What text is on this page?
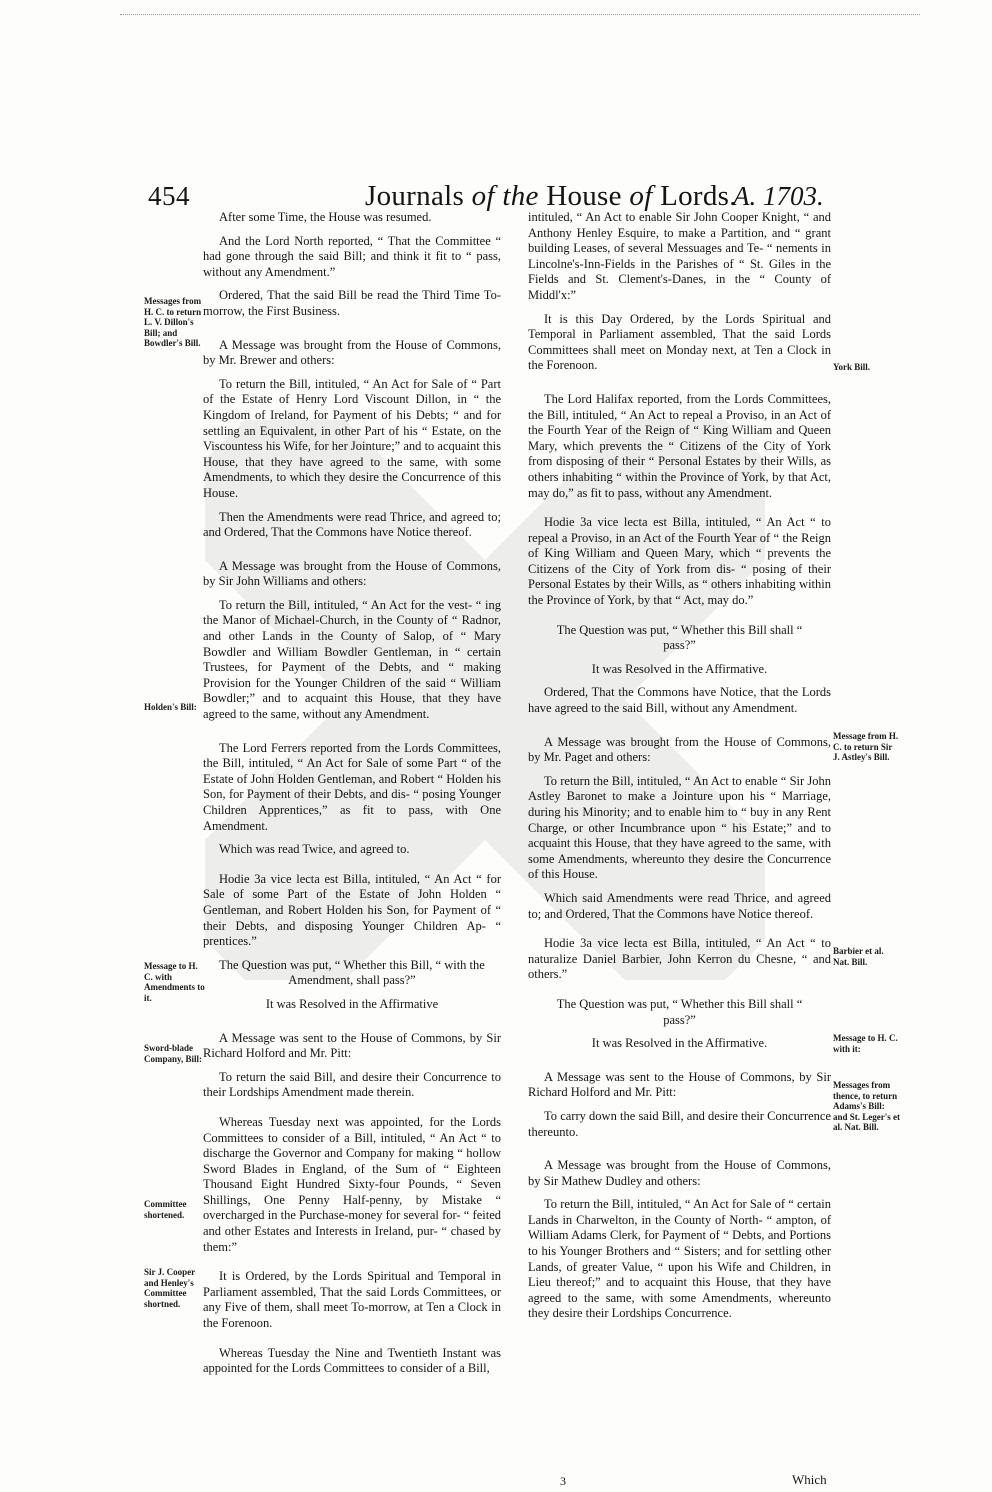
454	Journals of the House of Lords.
A. 1703.
Messages from H. C. to return L. V. Dillon's Bill; and Bowdler's Bill.
Holden's Bill:
Message to H. C. with Amendments to it.
Sword-blade Company, Bill:
Committee shortened.
Sir J. Cooper and Henley's Committee shortned.
York Bill.
Message from H. C. to return Sir J. Astley's Bill.
Barbier et al. Nat. Bill.
Message to H. C. with it:
Messages from thence, to return Adams's Bill: and St. Leger's et al. Nat. Bill.

After some Time, the House was resumed.

And the Lord North reported, “ That the Committee “ had gone through the said Bill; and think it fit to “ pass, without any Amendment.”

Ordered, That the said Bill be read the Third Time To-morrow, the First Business.

A Message was brought from the House of Commons, by Mr. Brewer and others:

To return the Bill, intituled, “ An Act for Sale of “ Part of the Estate of Henry Lord Viscount Dillon, in “ the Kingdom of Ireland, for Payment of his Debts; “ and for settling an Equivalent, in other Part of his “ Estate, on the Viscountess his Wife, for her Jointure;” and to acquaint this House, that they have agreed to the same, with some Amendments, to which they desire the Concurrence of this House.

Then the Amendments were read Thrice, and agreed to; and Ordered, That the Commons have Notice thereof.

A Message was brought from the House of Commons, by Sir John Williams and others:

To return the Bill, intituled, “ An Act for the vest- “ ing the Manor of Michael-Church, in the County of “ Radnor, and other Lands in the County of Salop, of “ Mary Bowdler and William Bowdler Gentleman, in “ certain Trustees, for Payment of the Debts, and “ making Provision for the Younger Children of the said “ William Bowdler;” and to acquaint this House, that they have agreed to the same, without any Amendment.

The Lord Ferrers reported from the Lords Committees, the Bill, intituled, “ An Act for Sale of some Part “ of the Estate of John Holden Gentleman, and Robert “ Holden his Son, for Payment of their Debts, and dis- “ posing Younger Children Apprentices,” as fit to pass, with One Amendment.

Which was read Twice, and agreed to.

Hodie 3a vice lecta est Billa, intituled, “ An Act “ for Sale of some Part of the Estate of John Holden “ Gentleman, and Robert Holden his Son, for Payment of “ their Debts, and disposing Younger Children Ap- “ prentices.”

The Question was put, “ Whether this Bill, “ with the Amendment, shall pass?”

It was Resolved in the Affirmative

A Message was sent to the House of Commons, by Sir Richard Holford and Mr. Pitt:

To return the said Bill, and desire their Concurrence to their Lordships Amendment made therein.

Whereas Tuesday next was appointed, for the Lords Committees to consider of a Bill, intituled, “ An Act “ to discharge the Governor and Company for making “ hollow Sword Blades in England, of the Sum of “ Eighteen Thousand Eight Hundred Sixty-four Pounds, “ Seven Shillings, One Penny Half-penny, by Mistake “ overcharged in the Purchase-money for several for- “ feited and other Estates and Interests in Ireland, pur- “ chased by them:”

It is Ordered, by the Lords Spiritual and Temporal in Parliament assembled, That the said Lords Committees, or any Five of them, shall meet To-morrow, at Ten a Clock in the Forenoon.

Whereas Tuesday the Nine and Twentieth Instant was appointed for the Lords Committees to consider of a Bill,

intituled, “ An Act to enable Sir John Cooper Knight, “ and Anthony Henley Esquire, to make a Partition, and “ grant building Leases, of several Messuages and Te- “ nements in Lincolne's-Inn-Fields in the Parishes of “ St. Giles in the Fields and St. Clement's-Danes, in the “ County of Middl'x:”

It is this Day Ordered, by the Lords Spiritual and Temporal in Parliament assembled, That the said Lords Committees shall meet on Monday next, at Ten a Clock in the Forenoon.

The Lord Halifax reported, from the Lords Committees, the Bill, intituled, “ An Act to repeal a Proviso, in an Act of the Fourth Year of the Reign of “ King William and Queen Mary, which prevents the “ Citizens of the City of York from disposing of their “ Personal Estates by their Wills, as others inhabiting “ within the Province of York, by that Act, may do,” as fit to pass, without any Amendment.

Hodie 3a vice lecta est Billa, intituled, “ An Act “ to repeal a Proviso, in an Act of the Fourth Year of “ the Reign of King William and Queen Mary, which “ prevents the Citizens of the City of York from dis- “ posing of their Personal Estates by their Wills, as “ others inhabiting within the Province of York, by that “ Act, may do.”

The Question was put, “ Whether this Bill shall “ pass?”

It was Resolved in the Affirmative.

Ordered, That the Commons have Notice, that the Lords have agreed to the said Bill, without any Amendment.

A Message was brought from the House of Commons, by Mr. Paget and others:

To return the Bill, intituled, “ An Act to enable “ Sir John Astley Baronet to make a Jointure upon his “ Marriage, during his Minority; and to enable him to “ buy in any Rent Charge, or other Incumbrance upon “ his Estate;” and to acquaint this House, that they have agreed to the same, with some Amendments, whereunto they desire the Concurrence of this House.

Which said Amendments were read Thrice, and agreed to; and Ordered, That the Commons have Notice thereof.

Hodie 3a vice lecta est Billa, intituled, “ An Act “ to naturalize Daniel Barbier, John Kerron du Chesne, “ and others.”

The Question was put, “ Whether this Bill shall “ pass?”

It was Resolved in the Affirmative.

A Message was sent to the House of Commons, by Sir Richard Holford and Mr. Pitt:

To carry down the said Bill, and desire their Concurrence thereunto.

A Message was brought from the House of Commons, by Sir Mathew Dudley and others:

To return the Bill, intituled, “ An Act for Sale of “ certain Lands in Charwelton, in the County of North- “ ampton, of William Adams Clerk, for Payment of “ Debts, and Portions to his Younger Brothers and “ Sisters; and for settling other Lands, of greater Value, “ upon his Wife and Children, in Lieu thereof;” and to acquaint this House, that they have agreed to the same, with some Amendments, whereunto they desire their Lordships Concurrence.

3	Which
